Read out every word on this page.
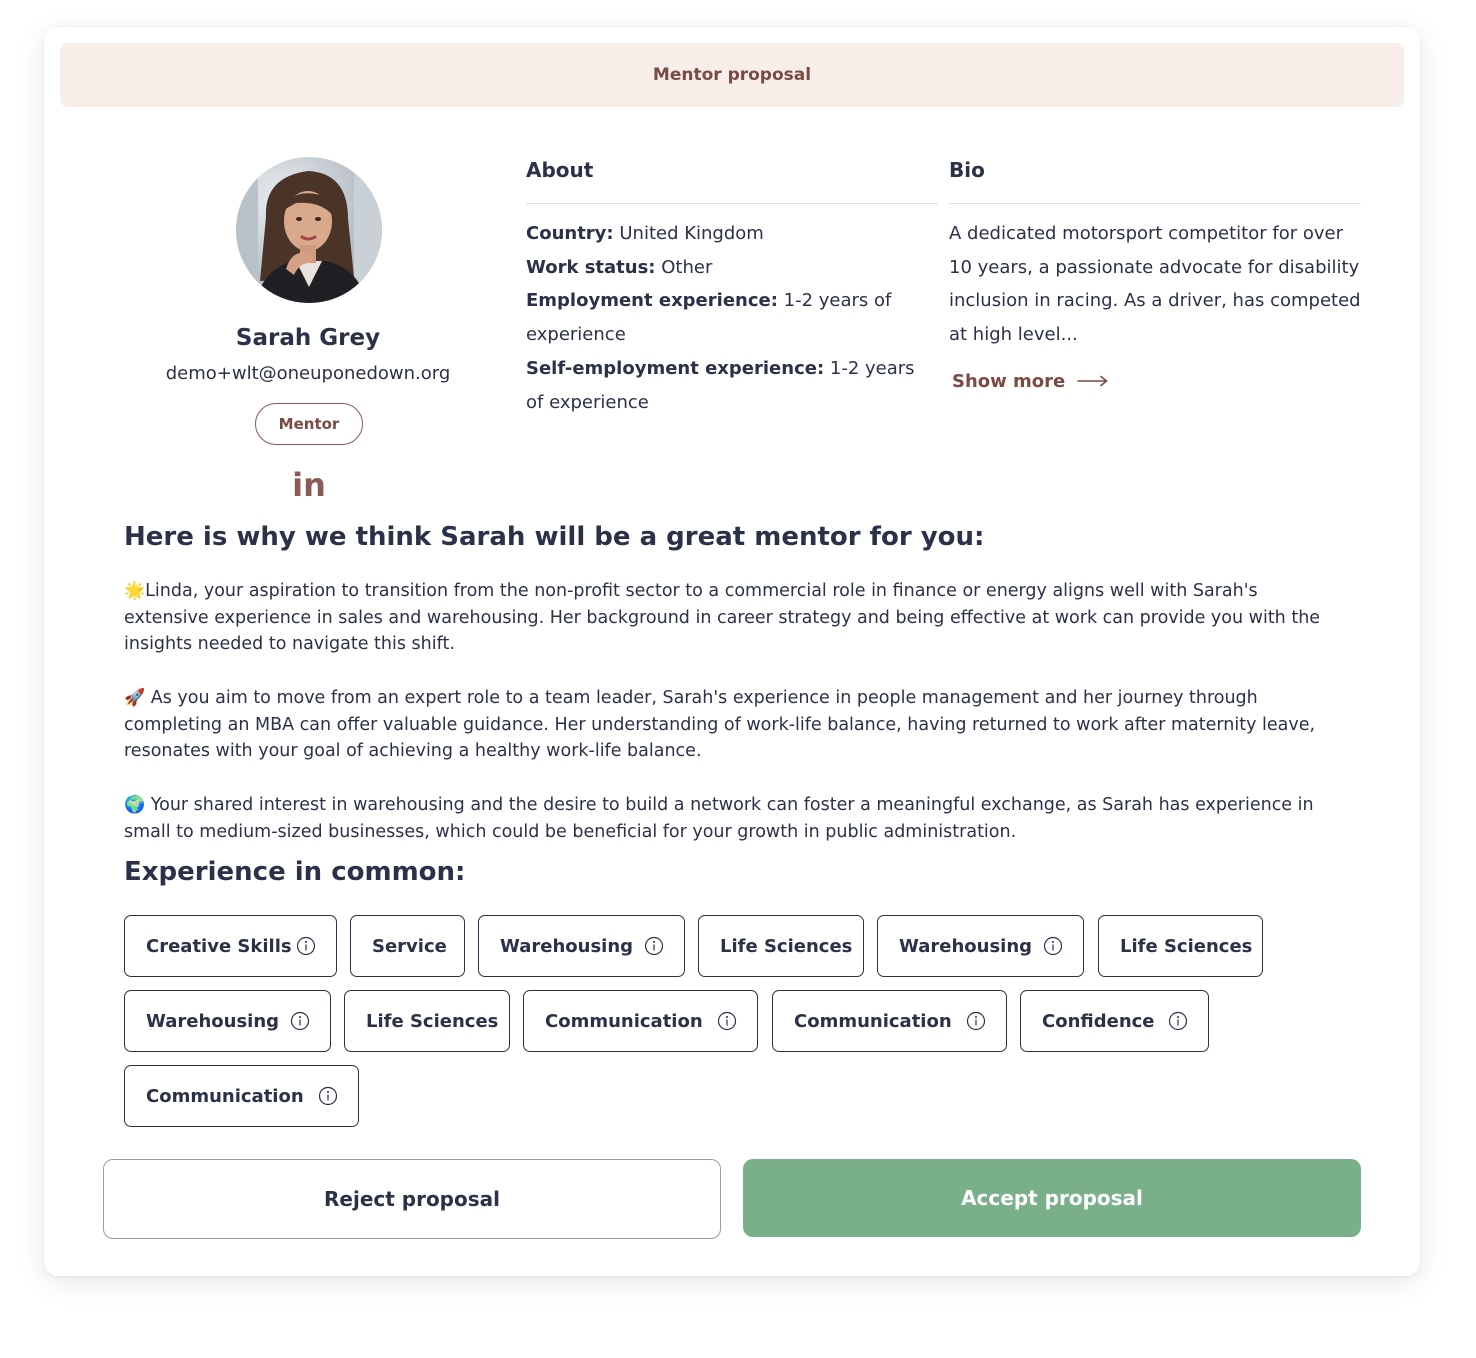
Mentor proposal
Sarah Grey
demo+wlt@oneuponedown.org
Mentor
in
About
Country: United Kingdom
Work status: Other
Employment experience: 1-2 years of experience
Self-employment experience: 1-2 years of experience
Bio
A dedicated motorsport competitor for over 10 years, a passionate advocate for disability inclusion in racing. As a driver, has competed at high level...
Show more
Here is why we think Sarah will be a great mentor for you:
🌟Linda, your aspiration to transition from the non-profit sector to a commercial role in finance or energy aligns well with Sarah's extensive experience in sales and warehousing. Her background in career strategy and being effective at work can provide you with the insights needed to navigate this shift.
🚀 As you aim to move from an expert role to a team leader, Sarah's experience in people management and her journey through completing an MBA can offer valuable guidance. Her understanding of work-life balance, having returned to work after maternity leave, resonates with your goal of achieving a healthy work-life balance.
🌍 Your shared interest in warehousing and the desire to build a network can foster a meaningful exchange, as Sarah has experience in small to medium-sized businesses, which could be beneficial for your growth in public administration.
Experience in common:
Creative Skills	Service	Warehousing	Life Sciences	Warehousing	Life Sciences
Warehousing	Life Sciences	Communication	Communication	Confidence
Communication
Reject proposal	Accept proposal
